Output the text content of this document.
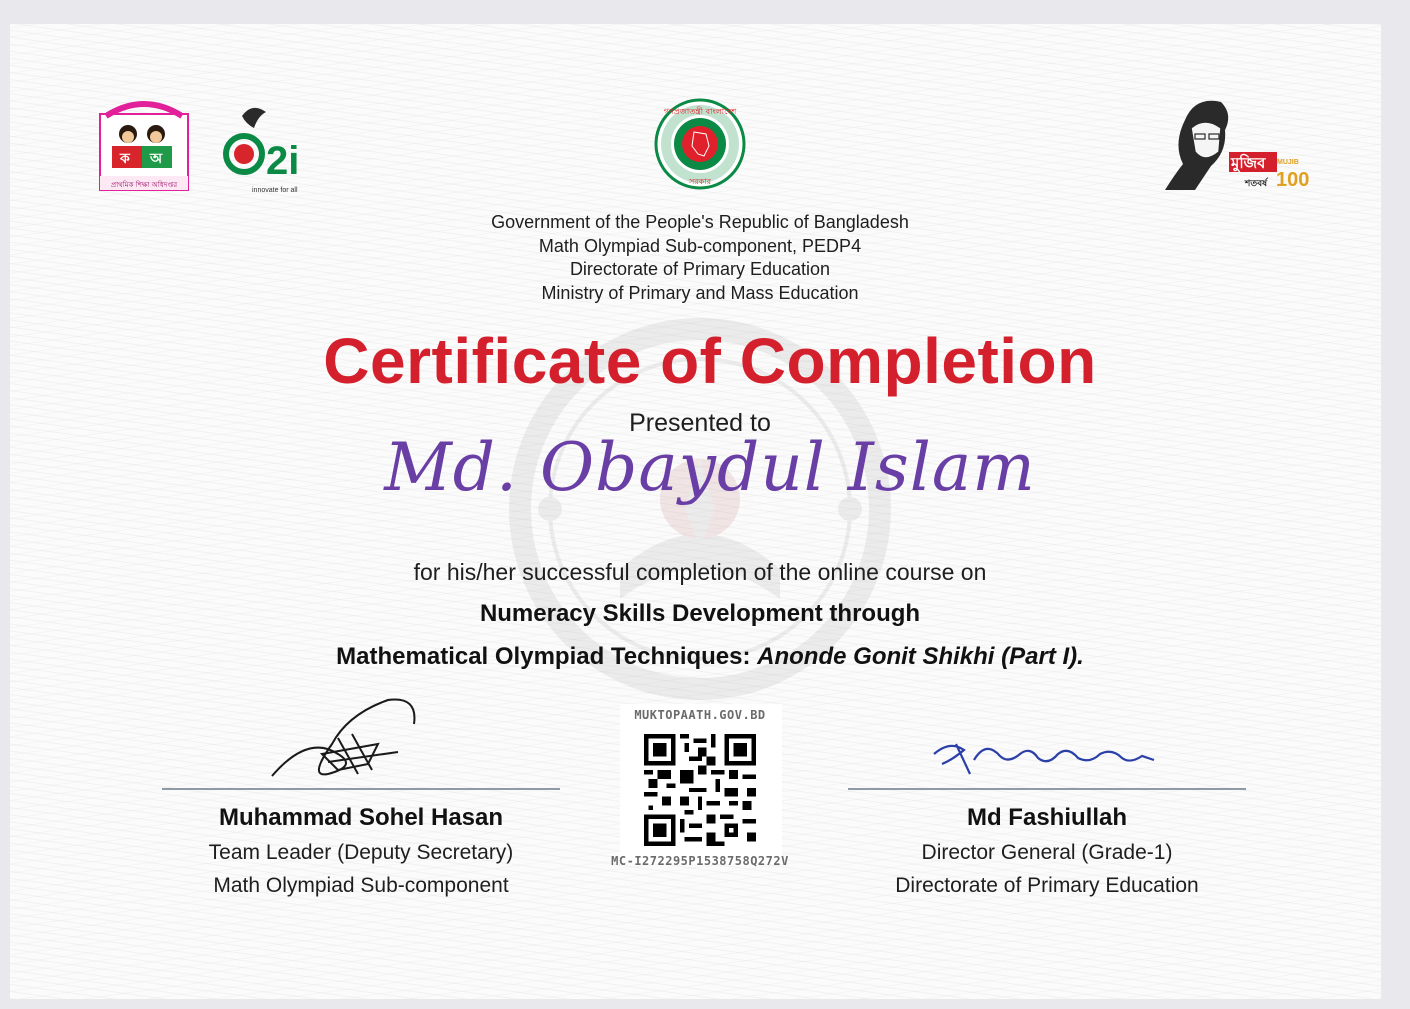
ক অ
প্রাথমিক শিক্ষা অধিদপ্তর
2i
innovate for all
গণপ্রজাতন্ত্রী বাংলাদেশ
সরকার
মুজিব
শতবর্ষ
MUJIB
100
Government of the People's Republic of Bangladesh
Math Olympiad Sub-component, PEDP4
Directorate of Primary Education
Ministry of Primary and Mass Education
Certificate of Completion
Presented to
Md. Obaydul Islam
for his/her successful completion of the online course on
Numeracy Skills Development through
Mathematical Olympiad Techniques: Anonde Gonit Shikhi (Part I).
Muhammad Sohel Hasan
Team Leader (Deputy Secretary)
Math Olympiad Sub-component
MUKTOPAATH.GOV.BD
MC-I272295P1538758Q272V
Md Fashiullah
Director General (Grade-1)
Directorate of Primary Education
